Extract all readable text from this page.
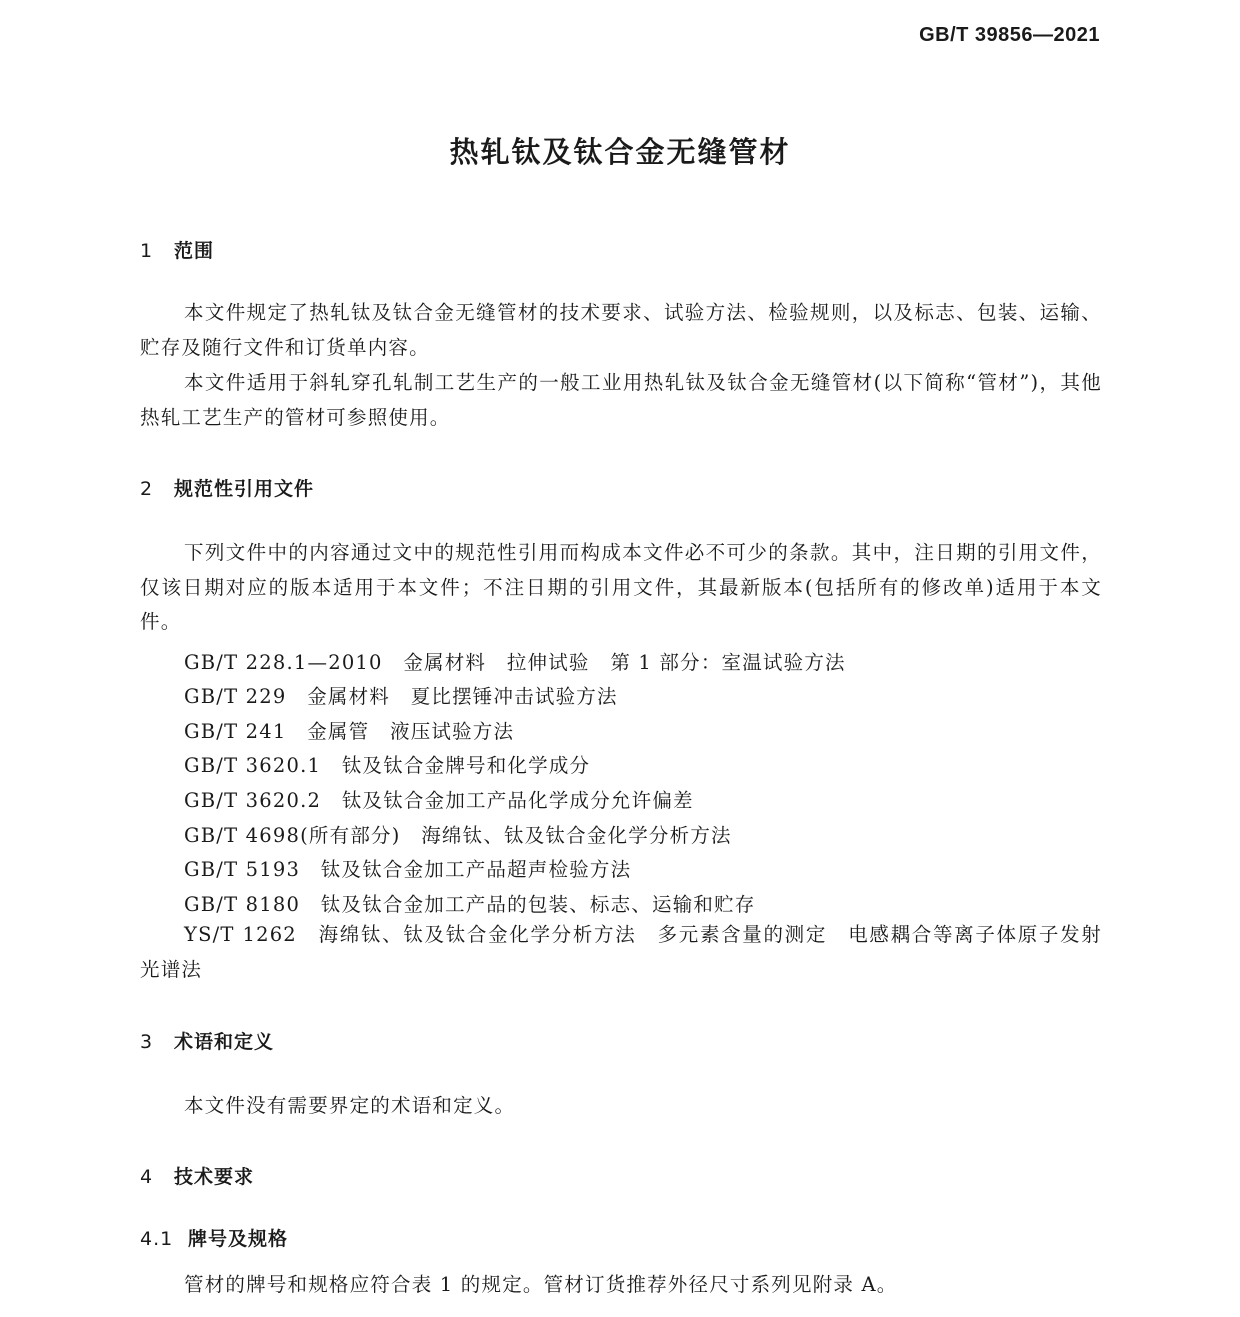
GB/T 39856—2021
热轧钛及钛合金无缝管材
1 范围
本文件规定了热轧钛及钛合金无缝管材的技术要求、试验方法、检验规则，以及标志、包装、运输、贮存及随行文件和订货单内容。
本文件适用于斜轧穿孔轧制工艺生产的一般工业用热轧钛及钛合金无缝管材(以下简称“管材”)，其他热轧工艺生产的管材可参照使用。
2 规范性引用文件
下列文件中的内容通过文中的规范性引用而构成本文件必不可少的条款。其中，注日期的引用文件，仅该日期对应的版本适用于本文件；不注日期的引用文件，其最新版本(包括所有的修改单)适用于本文件。
GB/T 228.1—2010　金属材料　拉伸试验　第 1 部分：室温试验方法
GB/T 229　金属材料　夏比摆锤冲击试验方法
GB/T 241　金属管　液压试验方法
GB/T 3620.1　钛及钛合金牌号和化学成分
GB/T 3620.2　钛及钛合金加工产品化学成分允许偏差
GB/T 4698(所有部分)　海绵钛、钛及钛合金化学分析方法
GB/T 5193　钛及钛合金加工产品超声检验方法
GB/T 8180　钛及钛合金加工产品的包装、标志、运输和贮存
YS/T 1262　海绵钛、钛及钛合金化学分析方法　多元素含量的测定　电感耦合等离子体原子发射光谱法
3 术语和定义
本文件没有需要界定的术语和定义。
4 技术要求
4.1 牌号及规格
管材的牌号和规格应符合表 1 的规定。管材订货推荐外径尺寸系列见附录 A。
